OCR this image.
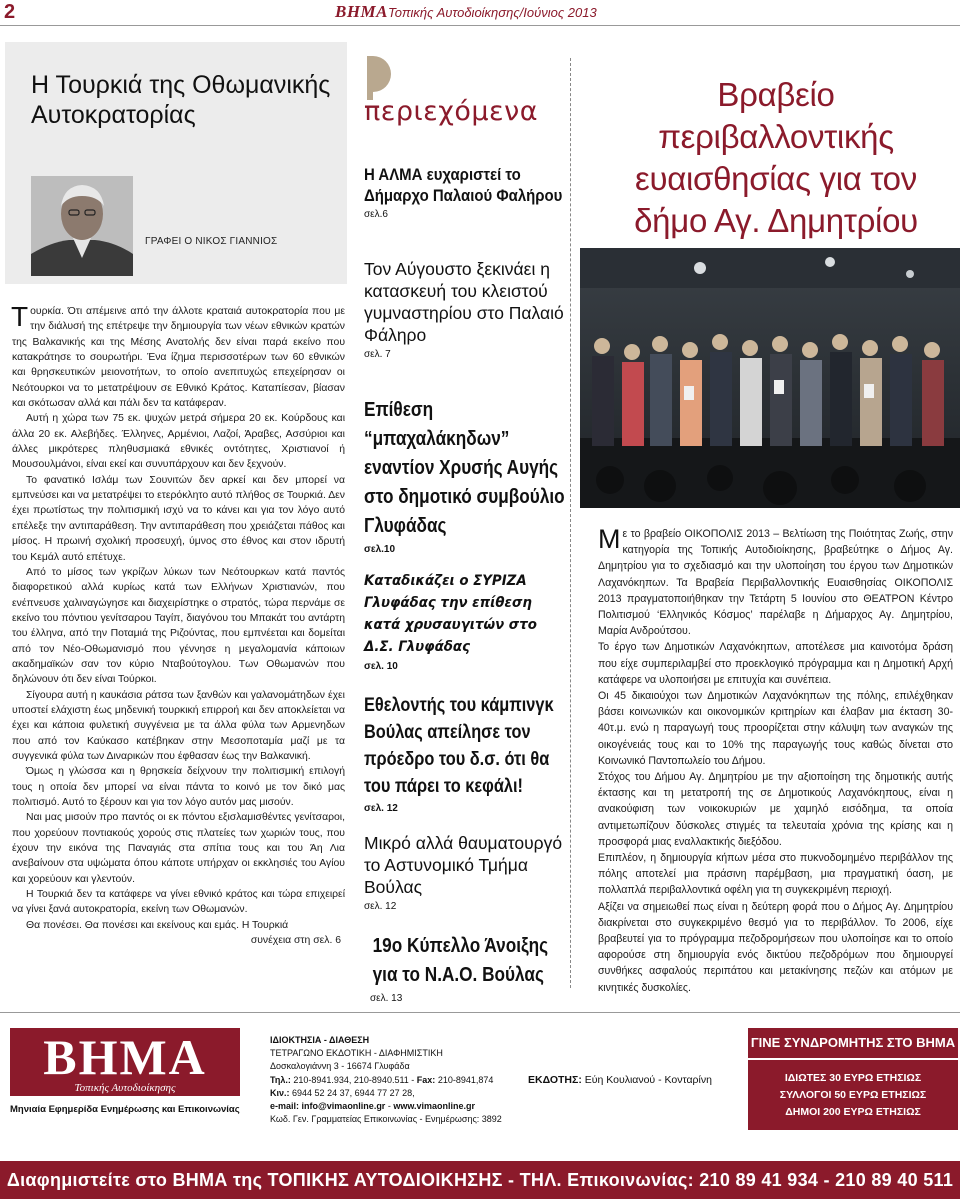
2	ΒΗΜΑΤοπικής Αυτοδιοίκησης/Ιούνιος 2013
Η Τουρκιά της Οθωμανικής Αυτοκρατορίας
ΓΡΑΦΕΙ Ο ΝΙΚΟΣ ΓΙΑΝΝΙΟΣ

Τουρκία. Ότι απέμεινε από την άλλοτε κραταιά αυτοκρατορία που με την διάλυσή της επέτρεψε την δημιουργία των νέων εθνικών κρατών της Βαλκανικής και της Μέσης Ανατολής δεν είναι παρά εκείνο που κατακράτησε το σουρωτήρι. Ένα ίζημα περισσοτέρων των 60 εθνικών και θρησκευτικών μειονοτήτων, το οποίο ανεπιτυχώς επεχείρησαν οι Νεότουρκοι να το μετατρέψουν σε Εθνικό Κράτος. Καταπίεσαν, βίασαν και σκότωσαν αλλά και πάλι δεν τα κατάφεραν.

Αυτή η χώρα των 75 εκ. ψυχών μετρά σήμερα 20 εκ. Κούρδους και άλλα 20 εκ. Αλεβήδες. Έλληνες, Αρμένιοι, Λαζοί, Άραβες, Ασσύριοι και άλλες μικρότερες πληθυσμιακά εθνικές οντότητες, Χριστιανοί ή Μουσουλμάνοι, είναι εκεί και συνυπάρχουν και δεν ξεχνούν.

Το φανατικό Ισλάμ των Σουνιτών δεν αρκεί και δεν μπορεί να εμπνεύσει και να μετατρέψει το ετερόκλητο αυτό πλήθος σε Τουρκιά. Δεν έχει πρωτίστως την πολιτισμική ισχύ να το κάνει και για τον λόγο αυτό επέλεξε την αντιπαράθεση. Την αντιπαράθεση που χρειάζεται πάθος και μίσος. Η πρωινή σχολική προσευχή, ύμνος στο έθνος και στον ιδρυτή του Κεμάλ αυτό επέτυχε.

Από το μίσος των γκρίζων λύκων των Νεότουρκων κατά παντός διαφορετικού αλλά κυρίως κατά των Ελλήνων Χριστιανών, που ενέπνευσε χαλιναγώγησε και διαχειρίστηκε ο στρατός, τώρα περνάμε σε εκείνο του πόντιου γενίτσαρου Ταγίπ, διαγόνου του Μπακάτ του αντάρτη του έλληνα, από την Ποταμιά της Ριζούντας, που εμπνέεται και δομείται από τον Νέο-Οθωμανισμό που γέννησε η μεγαλομανία κάποιων ακαδημαϊκών σαν τον κύριο Νταβούτογλου. Των Οθωμανών που δηλώνουν ότι δεν είναι Τούρκοι.

Σίγουρα αυτή η καυκάσια ράτσα των ξανθών και γαλανομάτηδων έχει υποστεί ελάχιστη έως μηδενική τουρκική επιρροή και δεν αποκλείεται να έχει και κάποια φυλετική συγγένεια με τα άλλα φύλα των Αρμενηδων που από τον Καύκασο κατέβηκαν στην Μεσοποταμία μαζί με τα συγγενικά φύλα των Διναρικών που έφθασαν έως την Βαλκανική.

Όμως η γλώσσα και η θρησκεία δείχνουν την πολιτισμική επιλογή τους η οποία δεν μπορεί να είναι πάντα το κοινό με τον δικό μας πολιτισμό. Αυτό το ξέρουν και για τον λόγο αυτόν μας μισούν.

Ναι μας μισούν προ παντός οι εκ πόντου εξισλαμισθέντες γενίτσαροι, που χορεύουν ποντιακούς χορούς στις πλατείες των χωριών τους, που έχουν την εικόνα της Παναγιάς στα σπίτια τους και του Άη Λια ανεβαίνουν στα υψώματα όπου κάποτε υπήρχαν οι εκκλησιές του Αγίου και χορεύουν και γλεντούν.

Η Τουρκιά δεν τα κατάφερε να γίνει εθνικό κράτος και τώρα επιχειρεί να γίνει ξανά αυτοκρατορία, εκείνη των Οθωμανών.

Θα πονέσει. Θα πονέσει και εκείνους και εμάς. Η Τουρκιά

συνέχεια στη σελ. 6

περιεχόμενα
Η ΑΛΜΑ ευχαριστεί το Δήμαρχο Παλαιού Φαλήρου
σελ.6
Τον Αύγουστο ξεκινάει η κατασκευή του κλειστού γυμναστηρίου στο Παλαιό Φάληρο
σελ. 7
Επίθεση “μπαχαλάκηδων” εναντίον Χρυσής Αυγής στο δημοτικό συμβούλιο Γλυφάδας
σελ.10
Καταδικάζει ο ΣΥΡΙΖΑ Γλυφάδας την επίθεση κατά χρυσαυγιτών στο Δ.Σ. Γλυφάδας
σελ. 10
Εθελοντής του κάμπινγκ Βούλας απείλησε τον πρόεδρο του δ.σ. ότι θα του πάρει το κεφάλι!
σελ. 12
Μικρό αλλά θαυματουργό το Αστυνομικό Τμήμα Βούλας
σελ. 12
19ο Κύπελλο Άνοιξης για το Ν.Α.Ο. Βούλας
σελ. 13
Βραβείο περιβαλλοντικής ευαισθησίας για τον δήμο Αγ. Δημητρίου

Με το βραβείο ΟΙΚΟΠΟΛΙΣ 2013 – Βελτίωση της Ποιότητας Ζωής, στην κατηγορία της Τοπικής Αυτοδιοίκησης, βραβεύτηκε ο Δήμος Αγ. Δημητρίου για το σχεδιασμό και την υλοποίηση του έργου των Δημοτικών Λαχανόκηπων. Τα Βραβεία Περιβαλλοντικής Ευαισθησίας ΟΙΚΟΠΟΛΙΣ 2013 πραγματοποιήθηκαν την Τετάρτη 5 Ιουνίου στο ΘΕΑΤΡΟΝ Κέντρο Πολιτισμού ‘Ελληνικός Κόσμος’ παρέλαβε η Δήμαρχος Αγ. Δημητρίου, Μαρία Ανδρούτσου.

Το έργο των Δημοτικών Λαχανόκηπων, αποτέλεσε μια καινοτόμα δράση που είχε συμπεριλαμβεί στο προεκλογικό πρόγραμμα και η Δημοτική Αρχή κατάφερε να υλοποιήσει με επιτυχία και συνέπεια.

Οι 45 δικαιούχοι των Δημοτικών Λαχανόκηπων της πόλης, επιλέχθηκαν βάσει κοινωνικών και οικονομικών κριτηρίων και έλαβαν μια έκταση 30-40τ.μ. ενώ η παραγωγή τους προορίζεται στην κάλυψη των αναγκών της οικογένειάς τους και το 10% της παραγωγής τους καθώς δίνεται στο Κοινωνικό Παντοπωλείο του Δήμου.

Στόχος του Δήμου Αγ. Δημητρίου με την αξιοποίηση της δημοτικής αυτής έκτασης και τη μετατροπή της σε Δημοτικούς Λαχανόκηπους, είναι η ανακούφιση των νοικοκυριών με χαμηλό εισόδημα, τα οποία αντιμετωπίζουν δύσκολες στιγμές τα τελευταία χρόνια της κρίσης και η προσφορά μιας εναλλακτικής διεξόδου.

Επιπλέον, η δημιουργία κήπων μέσα στο πυκνοδομημένο περιβάλλον της πόλης αποτελεί μια πράσινη παρέμβαση, μια πραγματική όαση, με πολλαπλά περιβαλλοντικά οφέλη για τη συγκεκριμένη περιοχή.

Αξίζει να σημειωθεί πως είναι η δεύτερη φορά που ο Δήμος Αγ. Δημητρίου διακρίνεται στο συγκεκριμένο θεσμό για το περιβάλλον. Το 2006, είχε βραβευτεί για το πρόγραμμα πεζοδρομήσεων που υλοποίησε και το οποίο αφορούσε στη δημιουργία ενός δικτύου πεζοδρόμων που δημιουργεί συνθήκες ασφαλούς περιπάτου και μετακίνησης πεζών και ατόμων με κινητικές δυσκολίες.

ΒΗΜΑ
Τοπικής Αυτοδιοίκησης
Μηνιαία Εφημερίδα Ενημέρωσης και Επικοινωνίας
ΙΔΙΟΚΤΗΣΙΑ - ΔΙΑΘΕΣΗ
ΤΕΤΡΑΓΩΝΟ ΕΚΔΟΤΙΚΗ - ΔΙΑΦΗΜΙΣΤΙΚΗ
Δοσκαλογιάννη 3 - 16674 Γλυφάδα
Τηλ.: 210-8941.934, 210-8940.511 - Fax: 210-8941,874
Κιν.: 6944 52 24 37, 6944 77 27 28,
e-mail: info@vimaonline.gr - www.vimaonline.gr
Κωδ. Γεν. Γραμματείας Επικοινωνίας - Ενημέρωσης: 3892
ΕΚΔΟΤΗΣ: Εύη Κουλιανού - Κονταρίνη
ΓΙΝΕ ΣΥΝΔΡΟΜΗΤΗΣ ΣΤΟ ΒΗΜΑ
ΙΔΙΩΤΕΣ 30 ΕΥΡΩ ΕΤΗΣΙΩΣ
ΣΥΛΛΟΓΟΙ 50 ΕΥΡΩ ΕΤΗΣΙΩΣ
ΔΗΜΟΙ 200 ΕΥΡΩ ΕΤΗΣΙΩΣ
Διαφημιστείτε στο ΒΗΜΑ της ΤΟΠΙΚΗΣ ΑΥΤΟΔΙΟΙΚΗΣΗΣ - ΤΗΛ. Επικοινωνίας: 210 89 41 934 - 210 89 40 511
